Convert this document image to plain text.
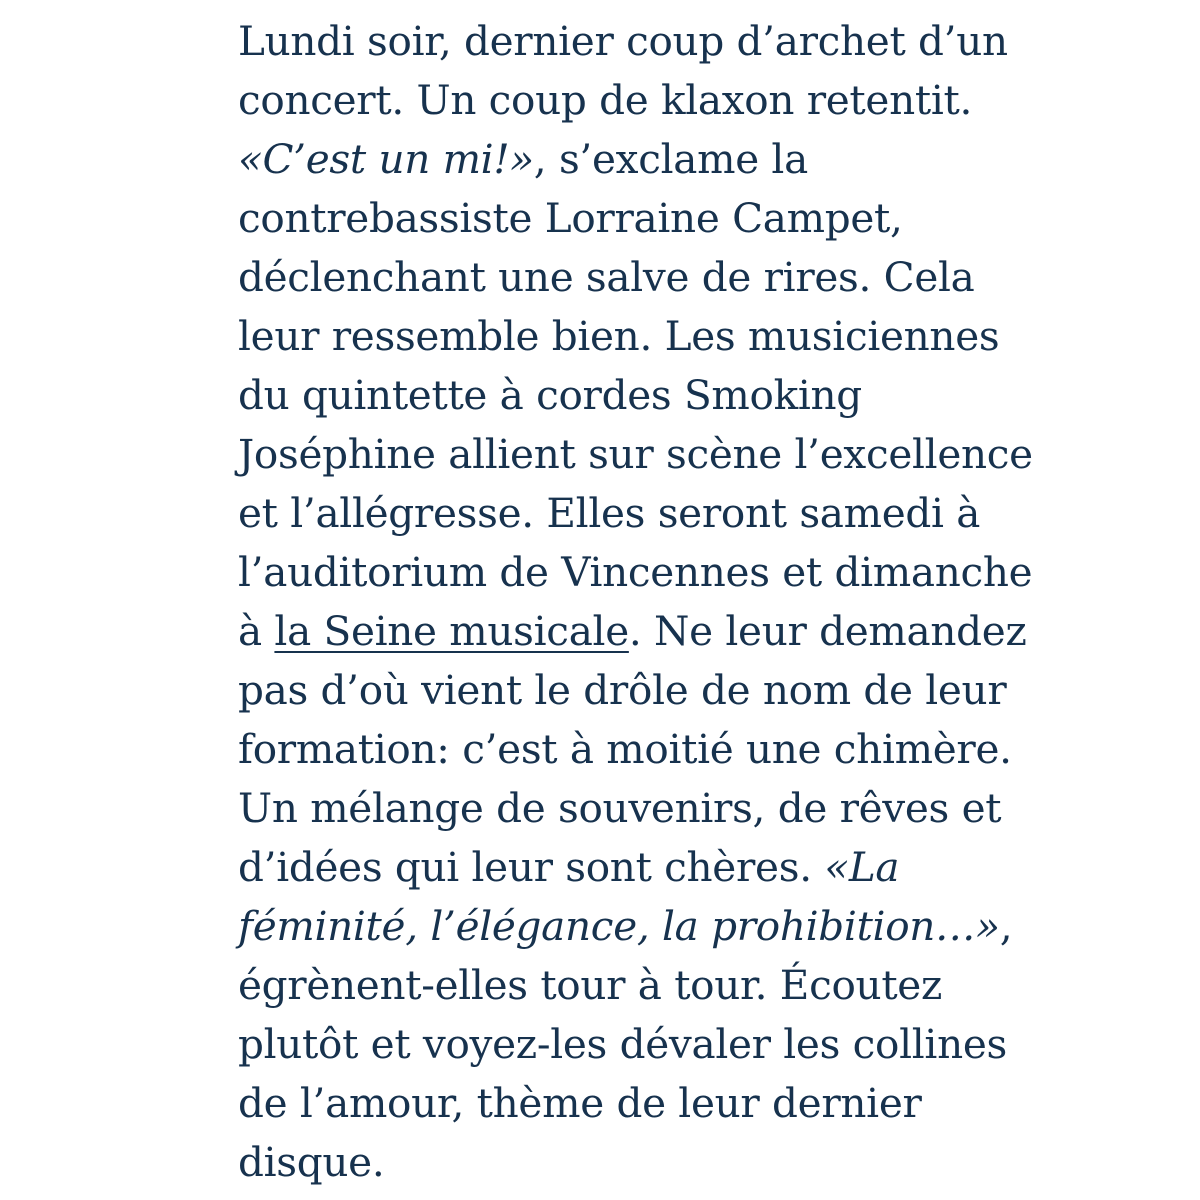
Lundi soir, dernier coup d’archet d’un
concert. Un coup de klaxon retentit.
«C’est un mi!», s’exclame la
contrebassiste Lorraine Campet,
déclenchant une salve de rires. Cela
leur ressemble bien. Les musiciennes
du quintette à cordes Smoking
Joséphine allient sur scène l’excellence
et l’allégresse. Elles seront samedi à
l’auditorium de Vincennes et dimanche
à la Seine musicale. Ne leur demandez
pas d’où vient le drôle de nom de leur
formation: c’est à moitié une chimère.
Un mélange de souvenirs, de rêves et
d’idées qui leur sont chères. «La
féminité, l’élégance, la prohibition…»,
égrènent-elles tour à tour. Écoutez
plutôt et voyez-les dévaler les collines
de l’amour, thème de leur dernier
disque.
